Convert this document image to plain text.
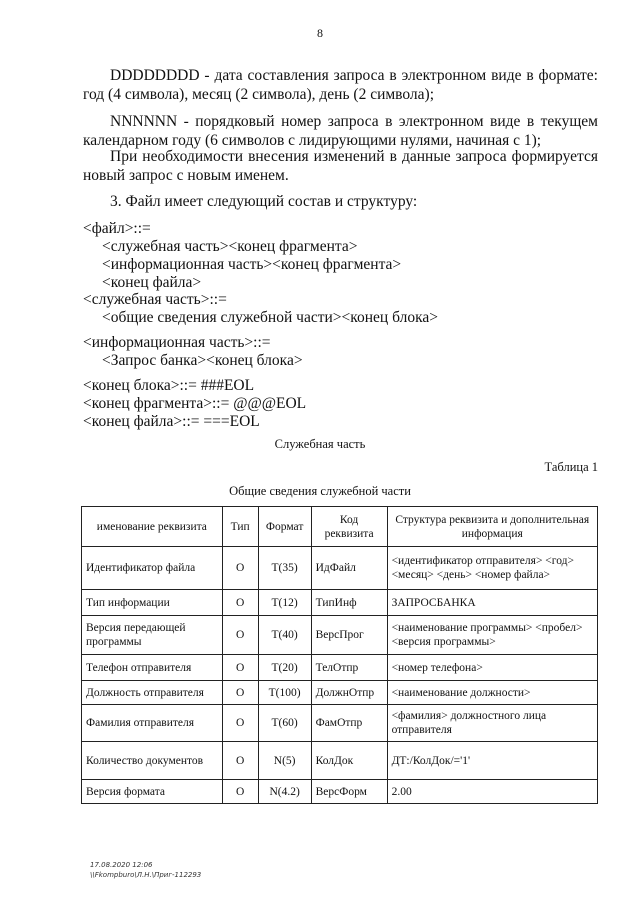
8
DDDDDDDD - дата составления запроса в электронном виде в формате: год (4 символа), месяц (2 символа), день (2 символа);
NNNNNN - порядковый номер запроса в электронном виде в текущем календарном году (6 символов с лидирующими нулями, начиная с 1);
При необходимости внесения изменений в данные запроса формируется новый запрос с новым именем.
3. Файл имеет следующий состав и структуру:
<файл>::=
<служебная часть><конец фрагмента>
<информационная часть><конец фрагмента>
<конец файла>
<служебная часть>::=
<общие сведения служебной части><конец блока>
<информационная часть>::=
<Запрос банка><конец блока>
<конец блока>::= ###EOL
<конец фрагмента>::= @@@EOL
<конец файла>::= ===EOL
Служебная часть
Таблица 1
Общие сведения служебной части
именование реквизита	Тип	Формат	Код реквизита	Структура реквизита и дополнительная информация
Идентификатор файла	О	Т(35)	ИдФайл	<идентификатор отправителя> <год> <месяц> <день> <номер файла>
Тип информации	О	Т(12)	ТипИнф	ЗАПРОСБАНКА
Версия передающей программы	О	Т(40)	ВерсПрог	<наименование программы> <пробел> <версия программы>
Телефон отправителя	О	Т(20)	ТелОтпр	<номер телефона>
Должность отправителя	О	Т(100)	ДолжнОтпр	<наименование должности>
Фамилия отправителя	О	Т(60)	ФамОтпр	<фамилия> должностного лица отправителя
Количество документов	О	N(5)	КолДок	ДТ:/КолДок/='1'
Версия формата	О	N(4.2)	ВерсФорм	2.00
17.08.2020 12:06
\\Fkompburo\Л.Н.\Приг-112293
